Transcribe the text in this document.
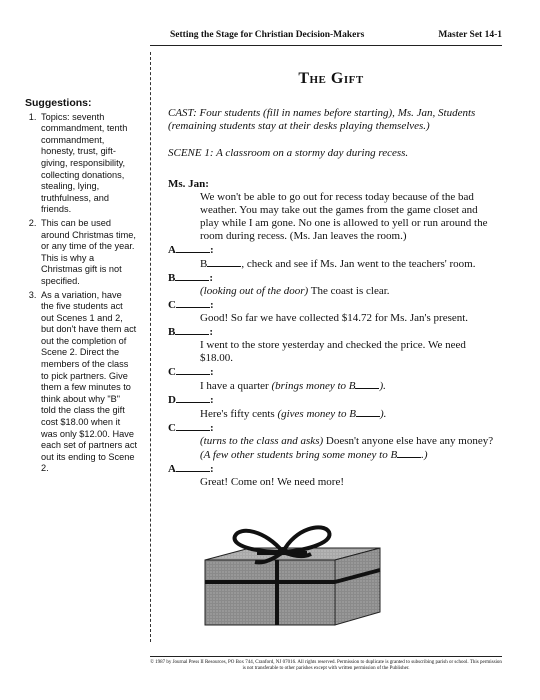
Setting the Stage for Christian Decision-Makers	Master Set 14-1
Suggestions:
1. Topics: seventh commandment, tenth commandment, honesty, trust, gift-giving, responsibility, collecting donations, stealing, lying, truthfulness, and friends.
2. This can be used around Christmas time, or any time of the year. This is why a Christmas gift is not specified.
3. As a variation, have the five students act out Scenes 1 and 2, but don't have them act out the completion of Scene 2. Direct the members of the class to pick partners. Give them a few minutes to think about why "B" told the class the gift cost $18.00 when it was only $12.00. Have each set of partners act out its ending to Scene 2.
The Gift

CAST: Four students (fill in names before starting), Ms. Jan, Students (remaining students stay at their desks playing themselves.)

SCENE 1: A classroom on a stormy day during recess.

Ms. Jan:

We won't be able to go out for recess today because of the bad weather. You may take out the games from the game closet and play while I am gone. No one is allowed to yell or run around the room during recess. (Ms. Jan leaves the room.)

A	:

B	, check and see if Ms. Jan went to the teachers' room.

B	:

(looking out of the door) The coast is clear.

C	:

Good! So far we have collected $14.72 for Ms. Jan's present.

B	:

I went to the store yesterday and checked the price. We need $18.00.

C	:

I have a quarter (brings money to B ).

D	:

Here's fifty cents (gives money to B ).

C	:

(turns to the class and asks) Doesn't anyone else have any money? (A few other students bring some money to B .)

A	:

Great! Come on! We need more!

© 1987 by Journal Press II Resources, PO Box 744, Cranford, NJ 07016. All rights reserved. Permission to duplicate is granted to subscribing parish or school. This permission is not transferable to other parishes except with written permission of the Publisher.
